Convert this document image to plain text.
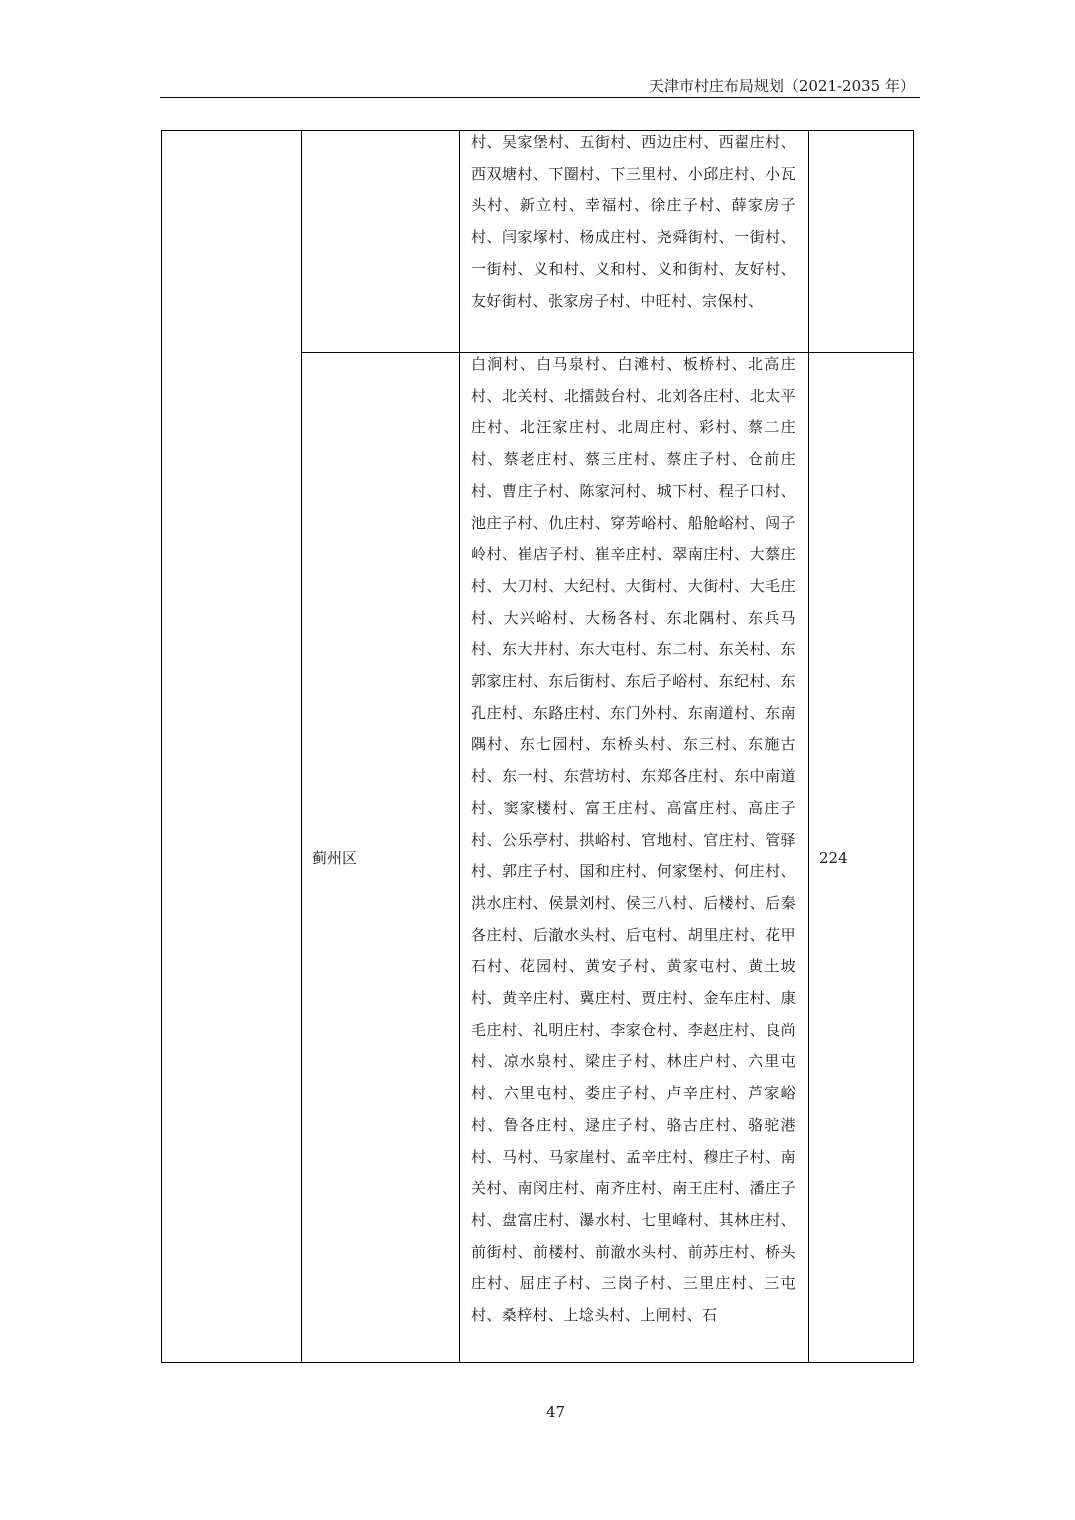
天津市村庄布局规划（2021-2035 年）

		村、吴家堡村、五街村、西边庄村、西翟庄村、西双塘村、下圈村、下三里村、小邱庄村、小瓦头村、新立村、幸福村、徐庄子村、薛家房子村、闫家塚村、杨成庄村、尧舜街村、一街村、一街村、义和村、义和村、义和街村、友好村、友好街村、张家房子村、中旺村、宗保村、	

	蓟州区	白涧村、白马泉村、白滩村、板桥村、北高庄村、北关村、北擂鼓台村、北刘各庄村、北太平庄村、北汪家庄村、北周庄村、彩村、蔡二庄村、蔡老庄村、蔡三庄村、蔡庄子村、仓前庄村、曹庄子村、陈家河村、城下村、程子口村、池庄子村、仇庄村、穿芳峪村、船舱峪村、闯子岭村、崔店子村、崔辛庄村、翠南庄村、大蔡庄村、大刀村、大纪村、大街村、大街村、大毛庄村、大兴峪村、大杨各村、东北隅村、东兵马村、东大井村、东大屯村、东二村、东关村、东郭家庄村、东后街村、东后子峪村、东纪村、东孔庄村、东路庄村、东门外村、东南道村、东南隅村、东七园村、东桥头村、东三村、东施古村、东一村、东营坊村、东郑各庄村、东中南道村、窦家楼村、富王庄村、高富庄村、高庄子村、公乐亭村、拱峪村、官地村、官庄村、管驿村、郭庄子村、国和庄村、何家堡村、何庄村、洪水庄村、侯景刘村、侯三八村、后楼村、后秦各庄村、后澈水头村、后屯村、胡里庄村、花甲石村、花园村、黄安子村、黄家屯村、黄土坡村、黄辛庄村、冀庄村、贾庄村、金车庄村、康毛庄村、礼明庄村、李家仓村、李赵庄村、良尚村、凉水泉村、梁庄子村、林庄户村、六里屯村、六里屯村、娄庄子村、卢辛庄村、芦家峪村、鲁各庄村、逯庄子村、骆古庄村、骆驼港村、马村、马家崖村、孟辛庄村、穆庄子村、南关村、南闵庄村、南齐庄村、南王庄村、潘庄子村、盘富庄村、瀑水村、七里峰村、其林庄村、前街村、前楼村、前澈水头村、前苏庄村、桥头庄村、屈庄子村、三岗子村、三里庄村、三屯村、桑梓村、上埝头村、上闸村、石	224
47
